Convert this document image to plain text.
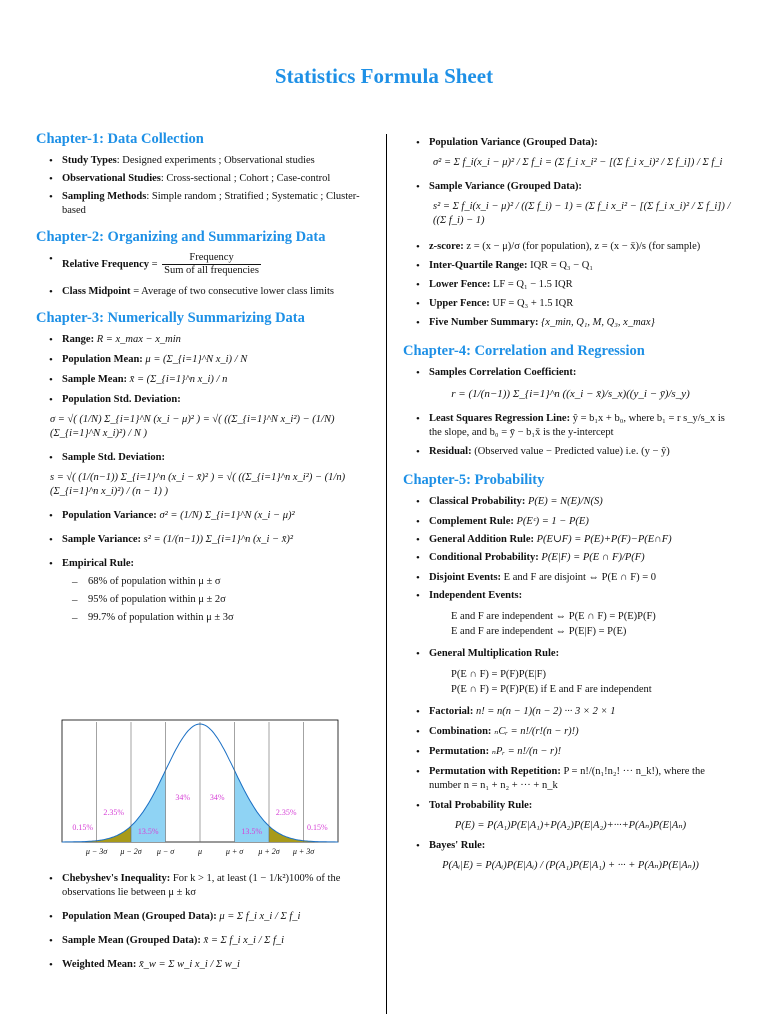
Statistics Formula Sheet
Chapter-1: Data Collection
• Study Types: Designed experiments ; Observational studies
• Observational Studies: Cross-sectional ; Cohort ; Case-control
• Sampling Methods: Simple random ; Stratified ; Systematic ; Cluster-based
Chapter-2: Organizing and Summarizing Data
• Relative Frequency = $\frac{\text{Frequency}}{\text{Sum of all frequencies}}$
• Class Midpoint = Average of two consecutive lower class limits
Chapter-3: Numerically Summarizing Data
• Range: R = x_max − x_min
• Population Mean: μ = (Σ_{i=1}^N x_i) / N
• Sample Mean: x̄ = (Σ_{i=1}^n x_i) / n
• Population Std. Deviation:
σ = √( (1/N) Σ_{i=1}^N (x_i − μ)² ) = √( ((Σ_{i=1}^N x_i²) − (1/N)(Σ_{i=1}^N x_i)²) / N )
• Sample Std. Deviation:
s = √( (1/(n−1)) Σ_{i=1}^n (x_i − x̄)² ) = √( ((Σ_{i=1}^n x_i²) − (1/n)(Σ_{i=1}^n x_i)²) / (n − 1) )
• Population Variance: σ² = (1/N) Σ_{i=1}^N (x_i − μ)²
• Sample Variance: s² = (1/(n−1)) Σ_{i=1}^n (x_i − x̄)²
• Empirical Rule:
– 68% of population within μ ± σ
– 95% of population within μ ± 2σ
– 99.7% of population within μ ± 3σ
0.15%
2.35%
13.5%
34% 34%
13.5%
2.35%
0.15%
μ − 3σ μ − 2σ μ − σ	μ	μ + σ μ + 2σ μ + 3σ
• Chebyshev's Inequality: For k > 1, at least (1 − 1/k²)100% of the observations lie between μ ± kσ
• Population Mean (Grouped Data): μ = Σ f_i x_i / Σ f_i
• Sample Mean (Grouped Data): x̄ = Σ f_i x_i / Σ f_i
• Weighted Mean: x̄_w = Σ w_i x_i / Σ w_i
• Population Variance (Grouped Data):
σ² = Σ f_i(x_i − μ)² / Σ f_i = (Σ f_i x_i² − [(Σ f_i x_i)² / Σ f_i]) / Σ f_i
• Sample Variance (Grouped Data):
s² = Σ f_i(x_i − μ)² / ((Σ f_i) − 1) = (Σ f_i x_i² − [(Σ f_i x_i)² / Σ f_i]) / ((Σ f_i) − 1)
• z-score: z = (x − μ)/σ (for population), z = (x − x̄)/s (for sample)
• Inter-Quartile Range: IQR = Q₃ − Q₁
• Lower Fence: LF = Q₁ − 1.5 IQR
• Upper Fence: UF = Q₃ + 1.5 IQR
• Five Number Summary: {x_min, Q₁, M, Q₃, x_max}
Chapter-4: Correlation and Regression
• Samples Correlation Coefficient:
r = (1/(n−1)) Σ_{i=1}^n ((x_i − x̄)/s_x)((y_i − ȳ)/s_y)
• Least Squares Regression Line: ŷ = b₁x + b₀, where b₁ = r s_y/s_x is the slope, and b₀ = ȳ − b₁x̄ is the y-intercept
• Residual: (Observed value − Predicted value) i.e. (y − ŷ)
Chapter-5: Probability
• Classical Probability: P(E) = N(E)/N(S)
• Complement Rule: P(Eᶜ) = 1 − P(E)
• General Addition Rule: P(E∪F) = P(E)+P(F)−P(E∩F)
• Conditional Probability: P(E|F) = P(E ∩ F)/P(F)
• Disjoint Events: E and F are disjoint ⇔ P(E ∩ F) = 0
• Independent Events:
E and F are independent ⇔ P(E ∩ F) = P(E)P(F)
E and F are independent ⇔ P(E|F) = P(E)
• General Multiplication Rule:
P(E ∩ F) = P(F)P(E|F)
P(E ∩ F) = P(F)P(E) if E and F are independent
• Factorial: n! = n(n − 1)(n − 2) ··· 3 × 2 × 1
• Combination: ₙCᵣ = n!/(r!(n − r)!)
• Permutation: ₙPᵣ = n!/(n − r)!
• Permutation with Repetition: P = n!/(n₁!n₂! ··· n_k!), where the number n = n₁ + n₂ + ··· + n_k
• Total Probability Rule:
P(E) = P(A₁)P(E|A₁)+P(A₂)P(E|A₂)+···+P(Aₙ)P(E|Aₙ)
• Bayes' Rule:
P(Aᵢ|E) = P(Aᵢ)P(E|Aᵢ) / (P(A₁)P(E|A₁) + ··· + P(Aₙ)P(E|Aₙ))
